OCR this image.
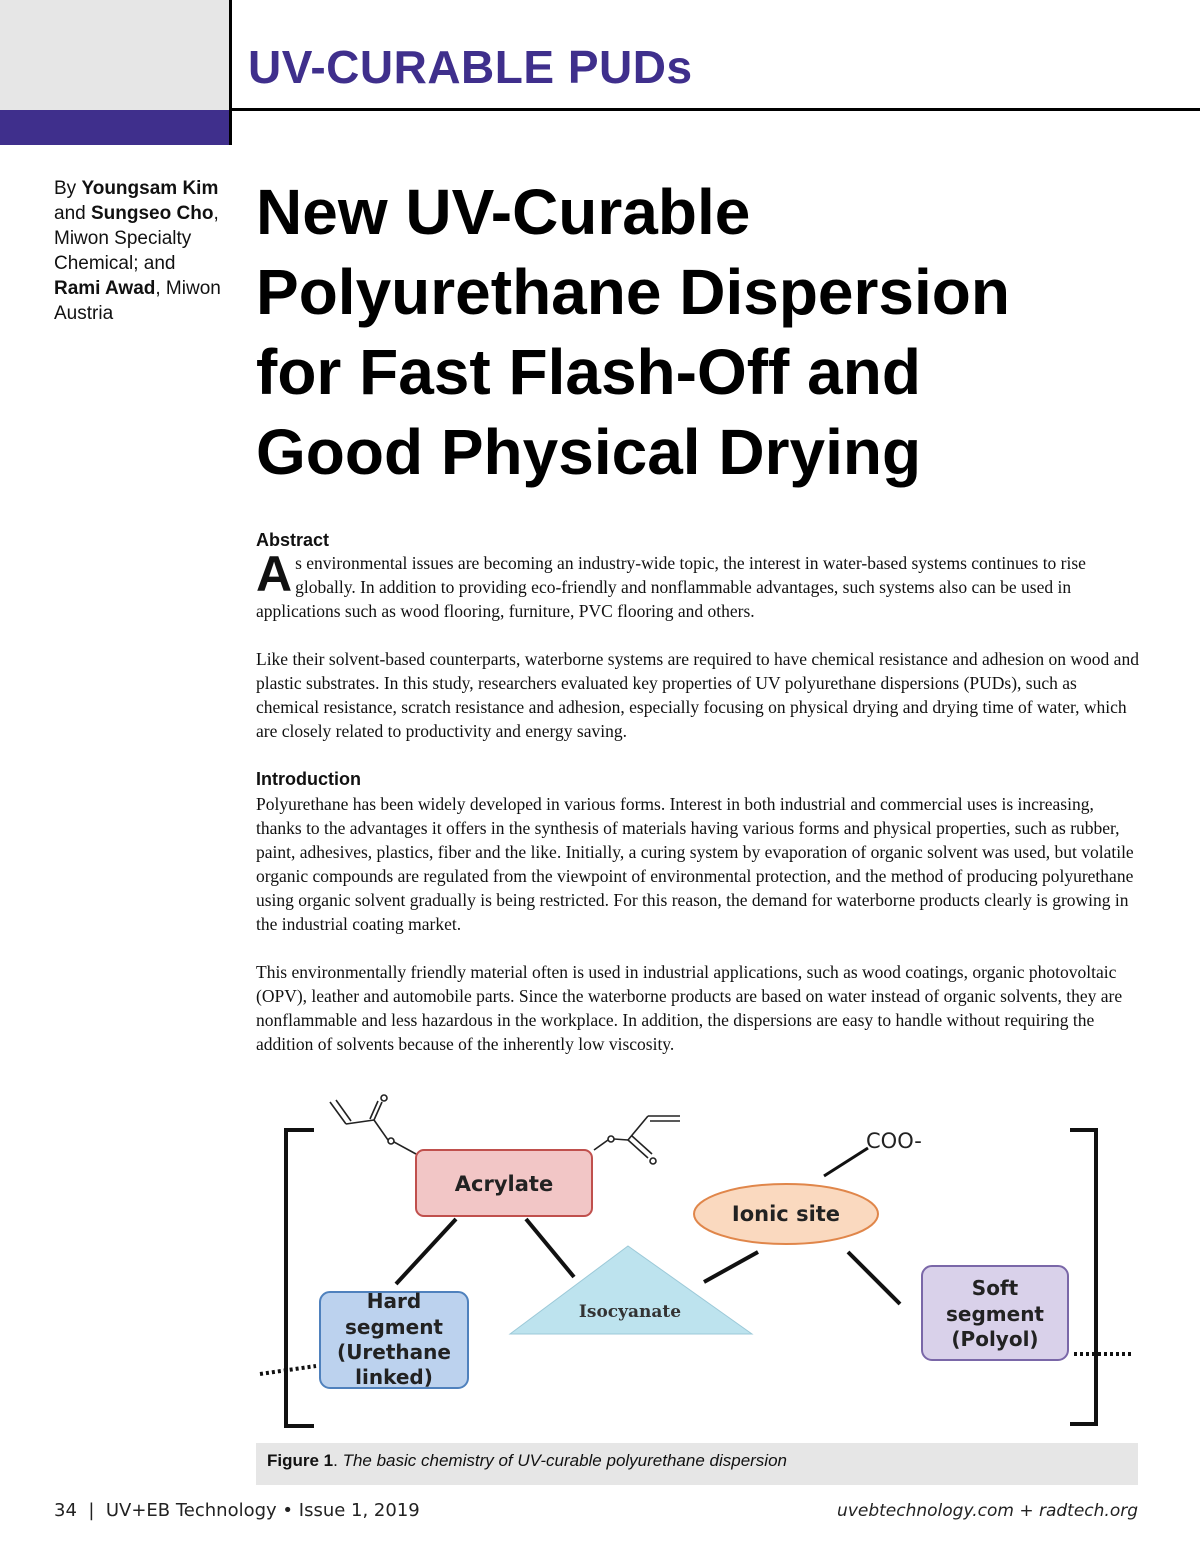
UV-CURABLE PUDs
By Youngsam Kim and Sungseo Cho, Miwon Specialty Chemical; and Rami Awad, Miwon Austria
New UV-Curable
Polyurethane Dispersion
for Fast Flash-Off and
Good Physical Drying
Abstract

As environmental issues are becoming an industry-wide topic, the interest in water-based systems continues to rise globally. In addition to providing eco-friendly and nonflammable advantages, such systems also can be used in applications such as wood flooring, furniture, PVC flooring and others.

Like their solvent-based counterparts, waterborne systems are required to have chemical resistance and adhesion on wood and plastic substrates. In this study, researchers evaluated key properties of UV polyurethane dispersions (PUDs), such as chemical resistance, scratch resistance and adhesion, especially focusing on physical drying and drying time of water, which are closely related to productivity and energy saving.

Introduction

Polyurethane has been widely developed in various forms. Interest in both industrial and commercial uses is increasing, thanks to the advantages it offers in the synthesis of materials having various forms and physical properties, such as rubber, paint, adhesives, plastics, fiber and the like. Initially, a curing system by evaporation of organic solvent was used, but volatile organic compounds are regulated from the viewpoint of environmental protection, and the method of producing polyurethane using organic solvent gradually is being restricted. For this reason, the demand for waterborne products clearly is growing in the industrial coating market.

This environmentally friendly material often is used in industrial applications, such as wood coatings, organic photovoltaic (OPV), leather and automobile parts. Since the waterborne products are based on water instead of organic solvents, they are nonflammable and less hazardous in the workplace. In addition, the dispersions are easy to handle without requiring the addition of solvents because of the inherently low viscosity.

Acrylate
Ionic site
COO-
Isocyanate
Hard
segment
(Urethane
linked)
Soft
segment
(Polyol)
Figure 1. The basic chemistry of UV-curable polyurethane dispersion
34  |  UV+EB Technology • Issue 1, 2019	uvebtechnology.com + radtech.org
